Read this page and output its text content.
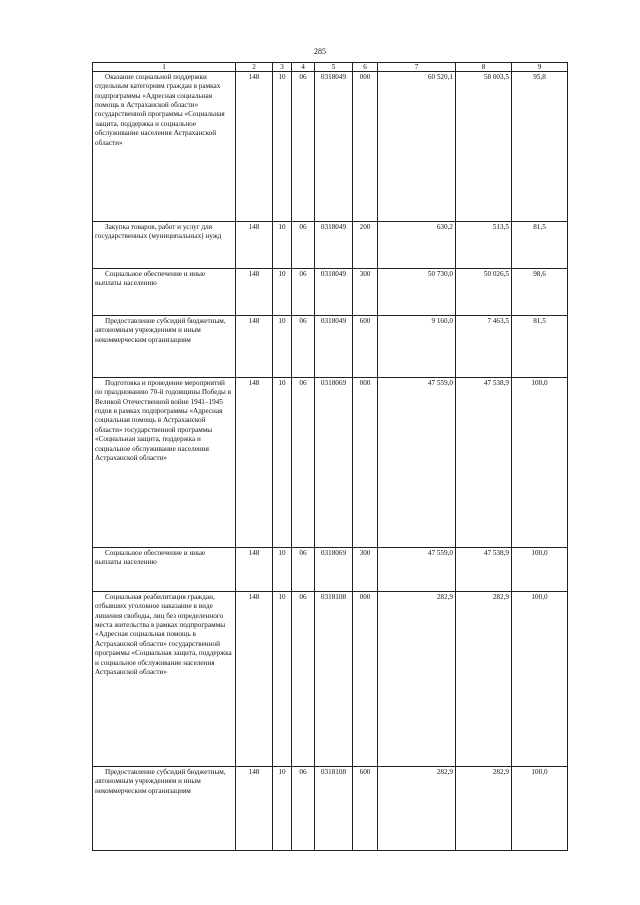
285
1	2	3	4	5	6	7	8	9
Оказание социальной поддержки отдельным категориям граждан в рамках подпрограммы «Адресная социальная помощь в Астраханской области» государственной программы «Социальная защита, поддержка и социальное обслуживание населения Астраханской области»	148	10	06	0318049	000	60 520,1	58 003,5	95,8
Закупка товаров, работ и услуг для государственных (муниципальных) нужд	148	10	06	0318049	200	630,2	513,5	81,5
Социальное обеспечение и иные выплаты населению	148	10	06	0318049	300	50 730,0	50 026,5	98,6
Предоставление субсидий бюджетным, автономным учреждениям и иным некоммерческим организациям	148	10	06	0318049	600	9 160,0	7 463,5	81,5
Подготовка и проведение мероприятий по празднованию 70-й годовщины Победы в Великой Отечественной войне 1941–1945 годов в рамках подпрограммы «Адресная социальная помощь в Астраханской области» государственной программы «Социальная защита, поддержка и социальное обслуживание населения Астраханской области»	148	10	06	0318069	000	47 559,0	47 538,9	100,0
Социальное обеспечение и иные выплаты населению	148	10	06	0318069	300	47 559,0	47 538,9	100,0
Социальная реабилитация граждан, отбывших уголовное наказание в виде лишения свободы, лиц без определенного места жительства в рамках подпрограммы «Адресная социальная помощь в Астраханской области» государственной программы «Социальная защита, поддержка и социальное обслуживание населения Астраханской области»	148	10	06	0318108	000	282,9	282,9	100,0
Предоставление субсидий бюджетным, автономным учреждениям и иным некоммерческим организациям	148	10	06	0318108	600	282,9	282,9	100,0
